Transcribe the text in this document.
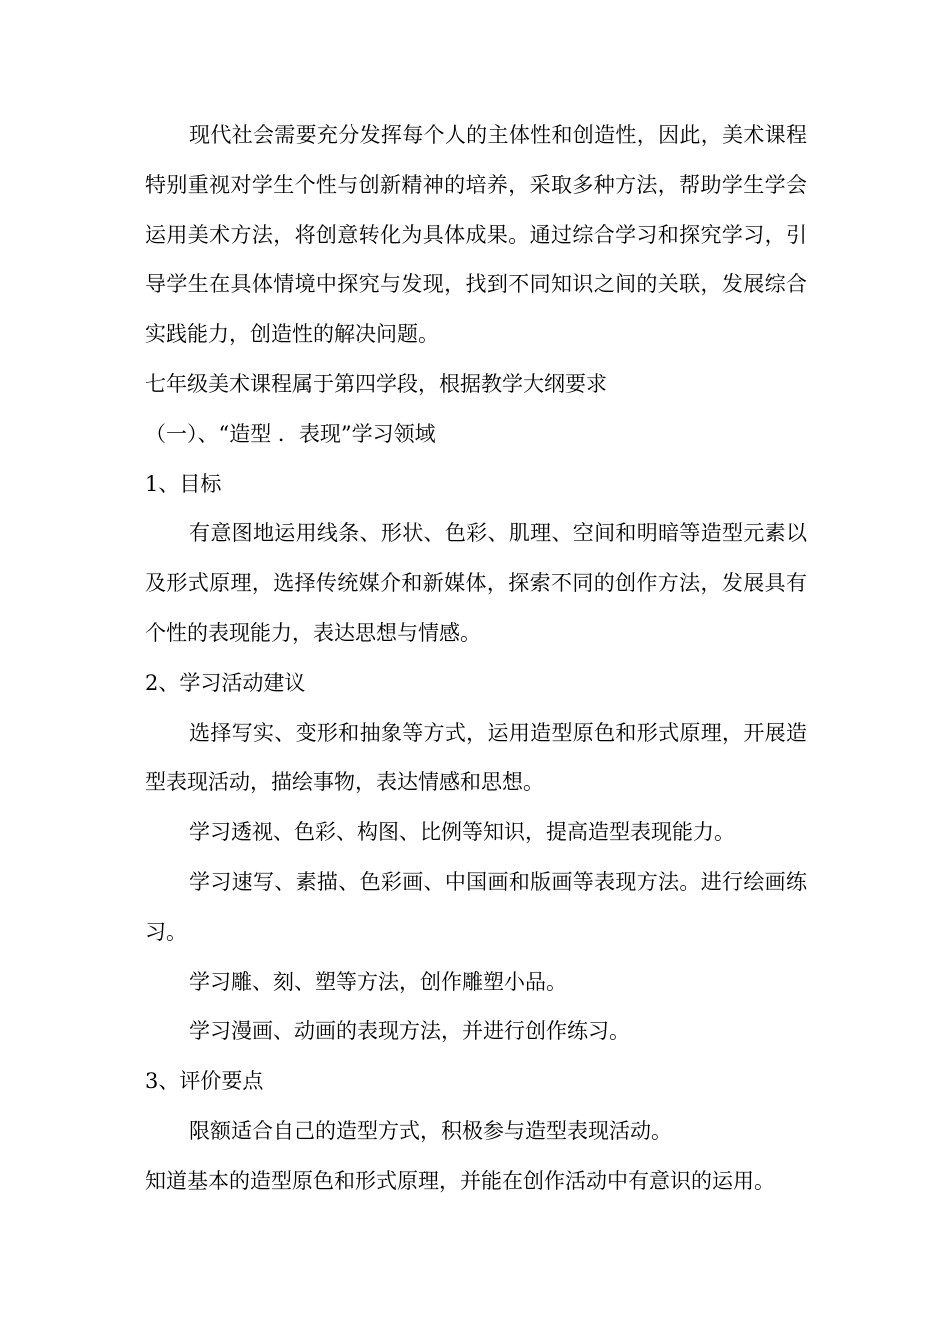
现代社会需要充分发挥每个人的主体性和创造性，因此，美术课程特别重视对学生个性与创新精神的培养，采取多种方法，帮助学生学会运用美术方法，将创意转化为具体成果。通过综合学习和探究学习，引导学生在具体情境中探究与发现，找到不同知识之间的关联，发展综合实践能力，创造性的解决问题。

七年级美术课程属于第四学段，根据教学大纲要求

（一）、“造型 ．表现”学习领域

1、目标

有意图地运用线条、形状、色彩、肌理、空间和明暗等造型元素以及形式原理，选择传统媒介和新媒体，探索不同的创作方法，发展具有个性的表现能力，表达思想与情感。

2、学习活动建议

选择写实、变形和抽象等方式，运用造型原色和形式原理，开展造型表现活动，描绘事物，表达情感和思想。

学习透视、色彩、构图、比例等知识，提高造型表现能力。

学习速写、素描、色彩画、中国画和版画等表现方法。进行绘画练习。

学习雕、刻、塑等方法，创作雕塑小品。

学习漫画、动画的表现方法，并进行创作练习。

3、评价要点

限额适合自己的造型方式，积极参与造型表现活动。

知道基本的造型原色和形式原理，并能在创作活动中有意识的运用。
